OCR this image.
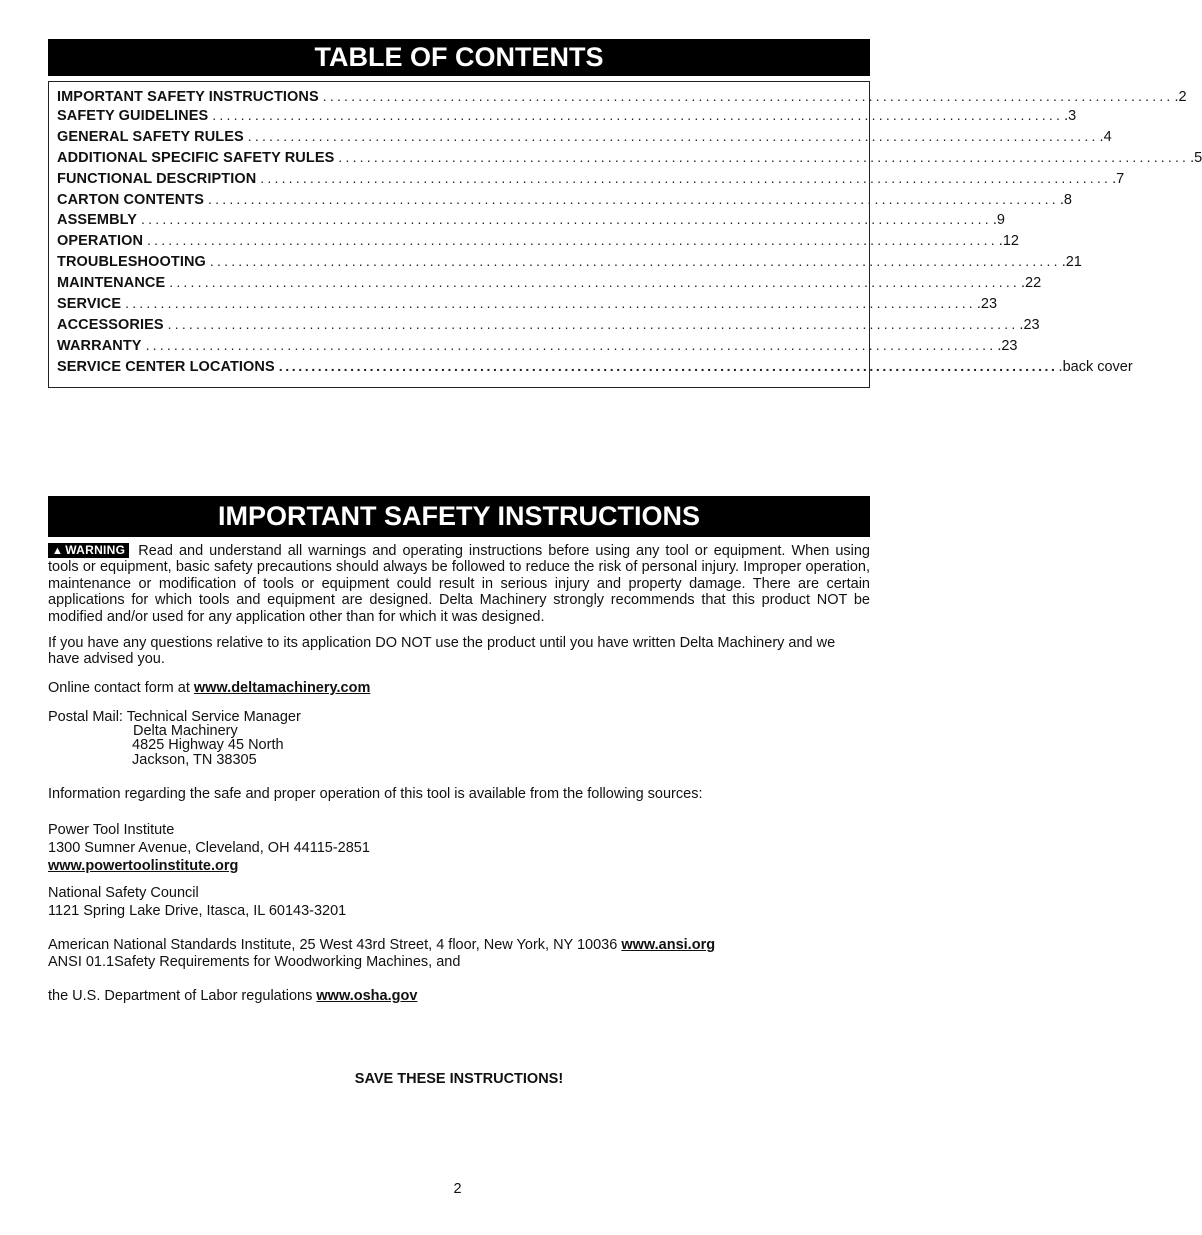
TABLE OF CONTENTS
IMPORTANT SAFETY INSTRUCTIONS ........................................................................................................................ .2
SAFETY GUIDELINES ........................................................................................................................ .3
GENERAL SAFETY RULES ........................................................................................................................ .4
ADDITIONAL SPECIFIC SAFETY RULES ........................................................................................................................ .5
FUNCTIONAL DESCRIPTION ........................................................................................................................ .7
CARTON CONTENTS ........................................................................................................................ .8
ASSEMBLY ........................................................................................................................ .9
OPERATION ........................................................................................................................ .12
TROUBLESHOOTING ........................................................................................................................ .21
MAINTENANCE ........................................................................................................................ .22
SERVICE ........................................................................................................................ .23
ACCESSORIES ........................................................................................................................ .23
WARRANTY ........................................................................................................................ .23
SERVICE CENTER LOCATIONS ........................................................................................................................ .back cover
IMPORTANT SAFETY INSTRUCTIONS

▲ WARNING Read and understand all warnings and operating instructions before using any tool or equipment. When using tools or equipment, basic safety precautions should always be followed to reduce the risk of personal injury. Improper operation, maintenance or modification of tools or equipment could result in serious injury and property damage. There are certain applications for which tools and equipment are designed. Delta Machinery strongly recommends that this product NOT be modified and/or used for any application other than for which it was designed.

If you have any questions relative to its application DO NOT use the product until you have written Delta Machinery and we have advised you.

Online contact form at www.deltamachinery.com

Postal Mail: Technical Service Manager
Delta Machinery
4825 Highway 45 North
Jackson, TN 38305

Information regarding the safe and proper operation of this tool is available from the following sources:

Power Tool Institute
1300 Sumner Avenue, Cleveland, OH 44115-2851
www.powertoolinstitute.org

National Safety Council
1121 Spring Lake Drive, Itasca, IL 60143-3201

American National Standards Institute, 25 West 43rd Street, 4 floor, New York, NY 10036 www.ansi.org
ANSI 01.1Safety Requirements for Woodworking Machines, and

the U.S. Department of Labor regulations www.osha.gov

SAVE THESE INSTRUCTIONS!
2
